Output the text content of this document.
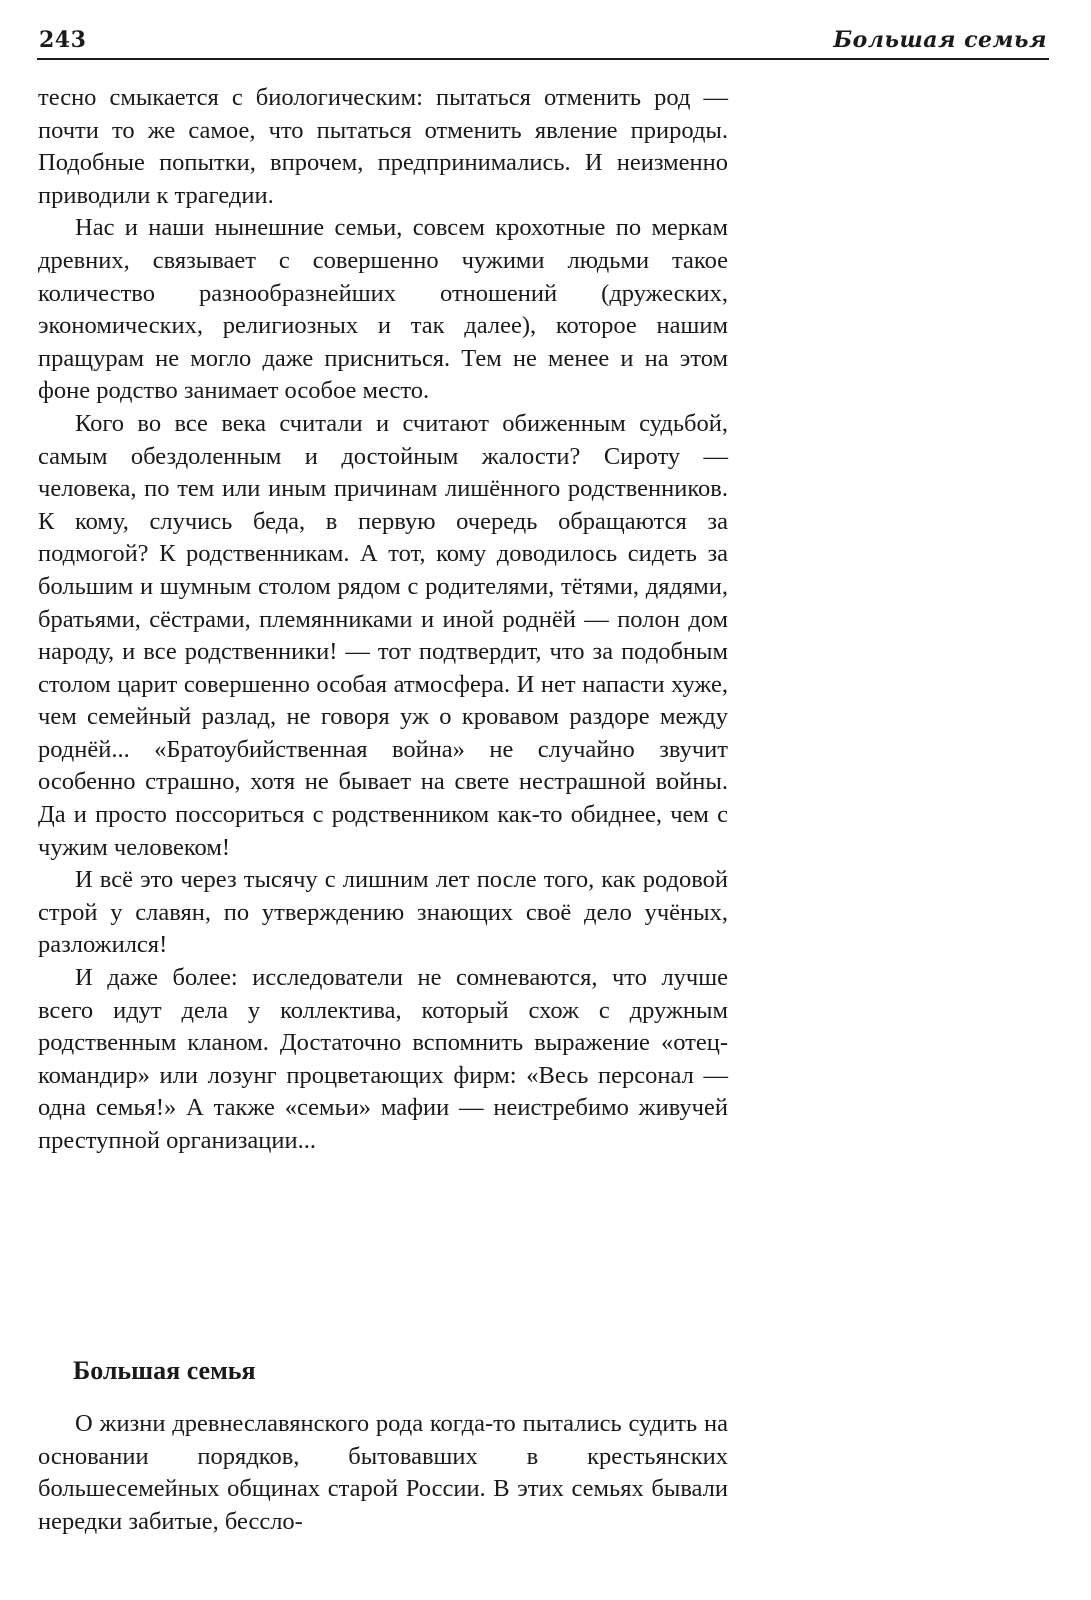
243	Большая семья

тесно смыкается с биологическим: пытаться отменить род — почти то же самое, что пытаться отменить явление природы. Подобные попытки, впрочем, предпринимались. И неизменно приводили к трагедии.

Нас и наши нынешние семьи, совсем крохотные по меркам древних, связывает с совершенно чужими людьми такое количество разнообразнейших отношений (дружеских, экономических, религиозных и так далее), которое нашим пращурам не могло даже присниться. Тем не менее и на этом фоне родство занимает особое место.

Кого во все века считали и считают обиженным судьбой, самым обездоленным и достойным жалости? Сироту — человека, по тем или иным причинам лишённого родственников. К кому, случись беда, в первую очередь обращаются за подмогой? К родственникам. А тот, кому доводилось сидеть за большим и шумным столом рядом с родителями, тётями, дядями, братьями, сёстрами, племянниками и иной роднёй — полон дом народу, и все родственники! — тот подтвердит, что за подобным столом царит совершенно особая атмосфера. И нет напасти хуже, чем семейный разлад, не говоря уж о кровавом раздоре между роднёй... «Братоубийственная война» не случайно звучит особенно страшно, хотя не бывает на свете нестрашной войны. Да и просто поссориться с родственником как-то обиднее, чем с чужим человеком!

И всё это через тысячу с лишним лет после того, как родовой строй у славян, по утверждению знающих своё дело учёных, разложился!

И даже более: исследователи не сомневаются, что лучше всего идут дела у коллектива, который схож с дружным родственным кланом. Достаточно вспомнить выражение «отец-командир» или лозунг процветающих фирм: «Весь персонал — одна семья!» А также «семьи» мафии — неистребимо живучей преступной организации...

Большая семья

О жизни древнеславянского рода когда-то пытались судить на основании порядков, бытовавших в крестьянских большесемейных общинах старой России. В этих семьях бывали нередки забитые, бессло-
